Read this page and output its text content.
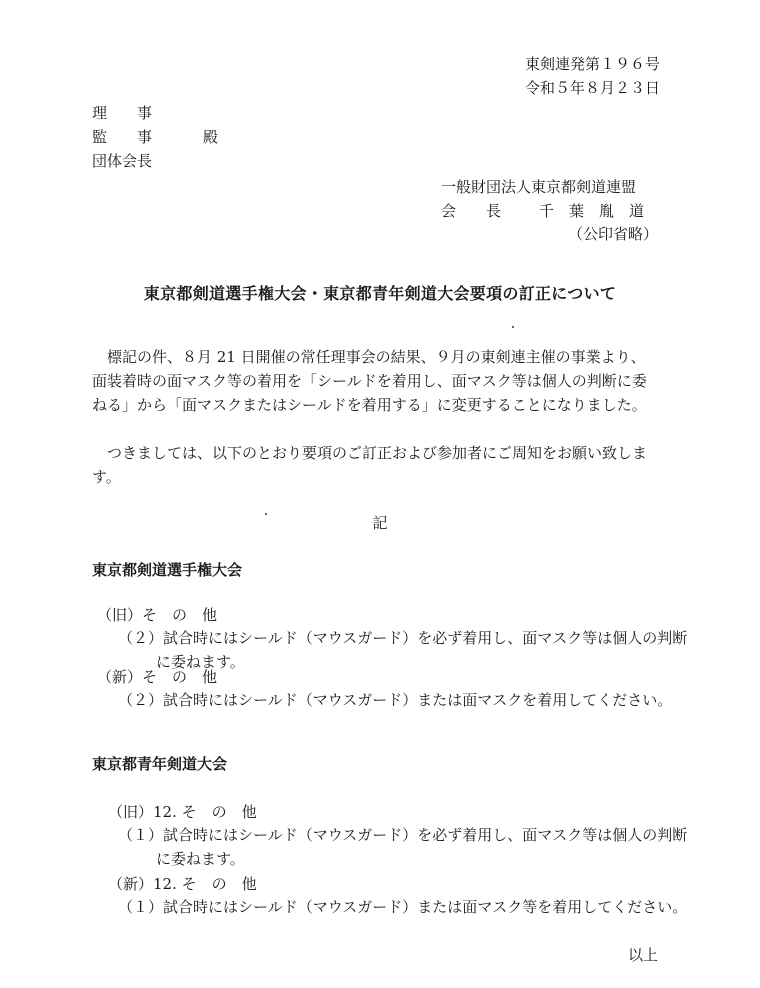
東剣連発第１９６号
令和５年８月２３日
理　　事
監　　事
団体会長
殿
一般財団法人東京都剣道連盟
会　　長	千　葉　胤　道
（公印省略）
東京都剣道選手権大会・東京都青年剣道大会要項の訂正について

標記の件、８月 21 日開催の常任理事会の結果、９月の東剣連主催の事業より、面装着時の面マスク等の着用を「シールドを着用し、面マスク等は個人の判断に委ねる」から「面マスクまたはシールドを着用する」に変更することになりました。

つきましては、以下のとおり要項のご訂正および参加者にご周知をお願い致します。

記
東京都剣道選手権大会
（旧）そ　の　他
（２）試合時にはシールド（マウスガード）を必ず着用し、面マスク等は個人の判断に委ねます。
（新）そ　の　他
（２）試合時にはシールド（マウスガード）または面マスクを着用してください。
東京都青年剣道大会
（旧）12. そ　の　他
（１）試合時にはシールド（マウスガード）を必ず着用し、面マスク等は個人の判断に委ねます。
（新）12. そ　の　他
（１）試合時にはシールド（マウスガード）または面マスク等を着用してください。
以上
